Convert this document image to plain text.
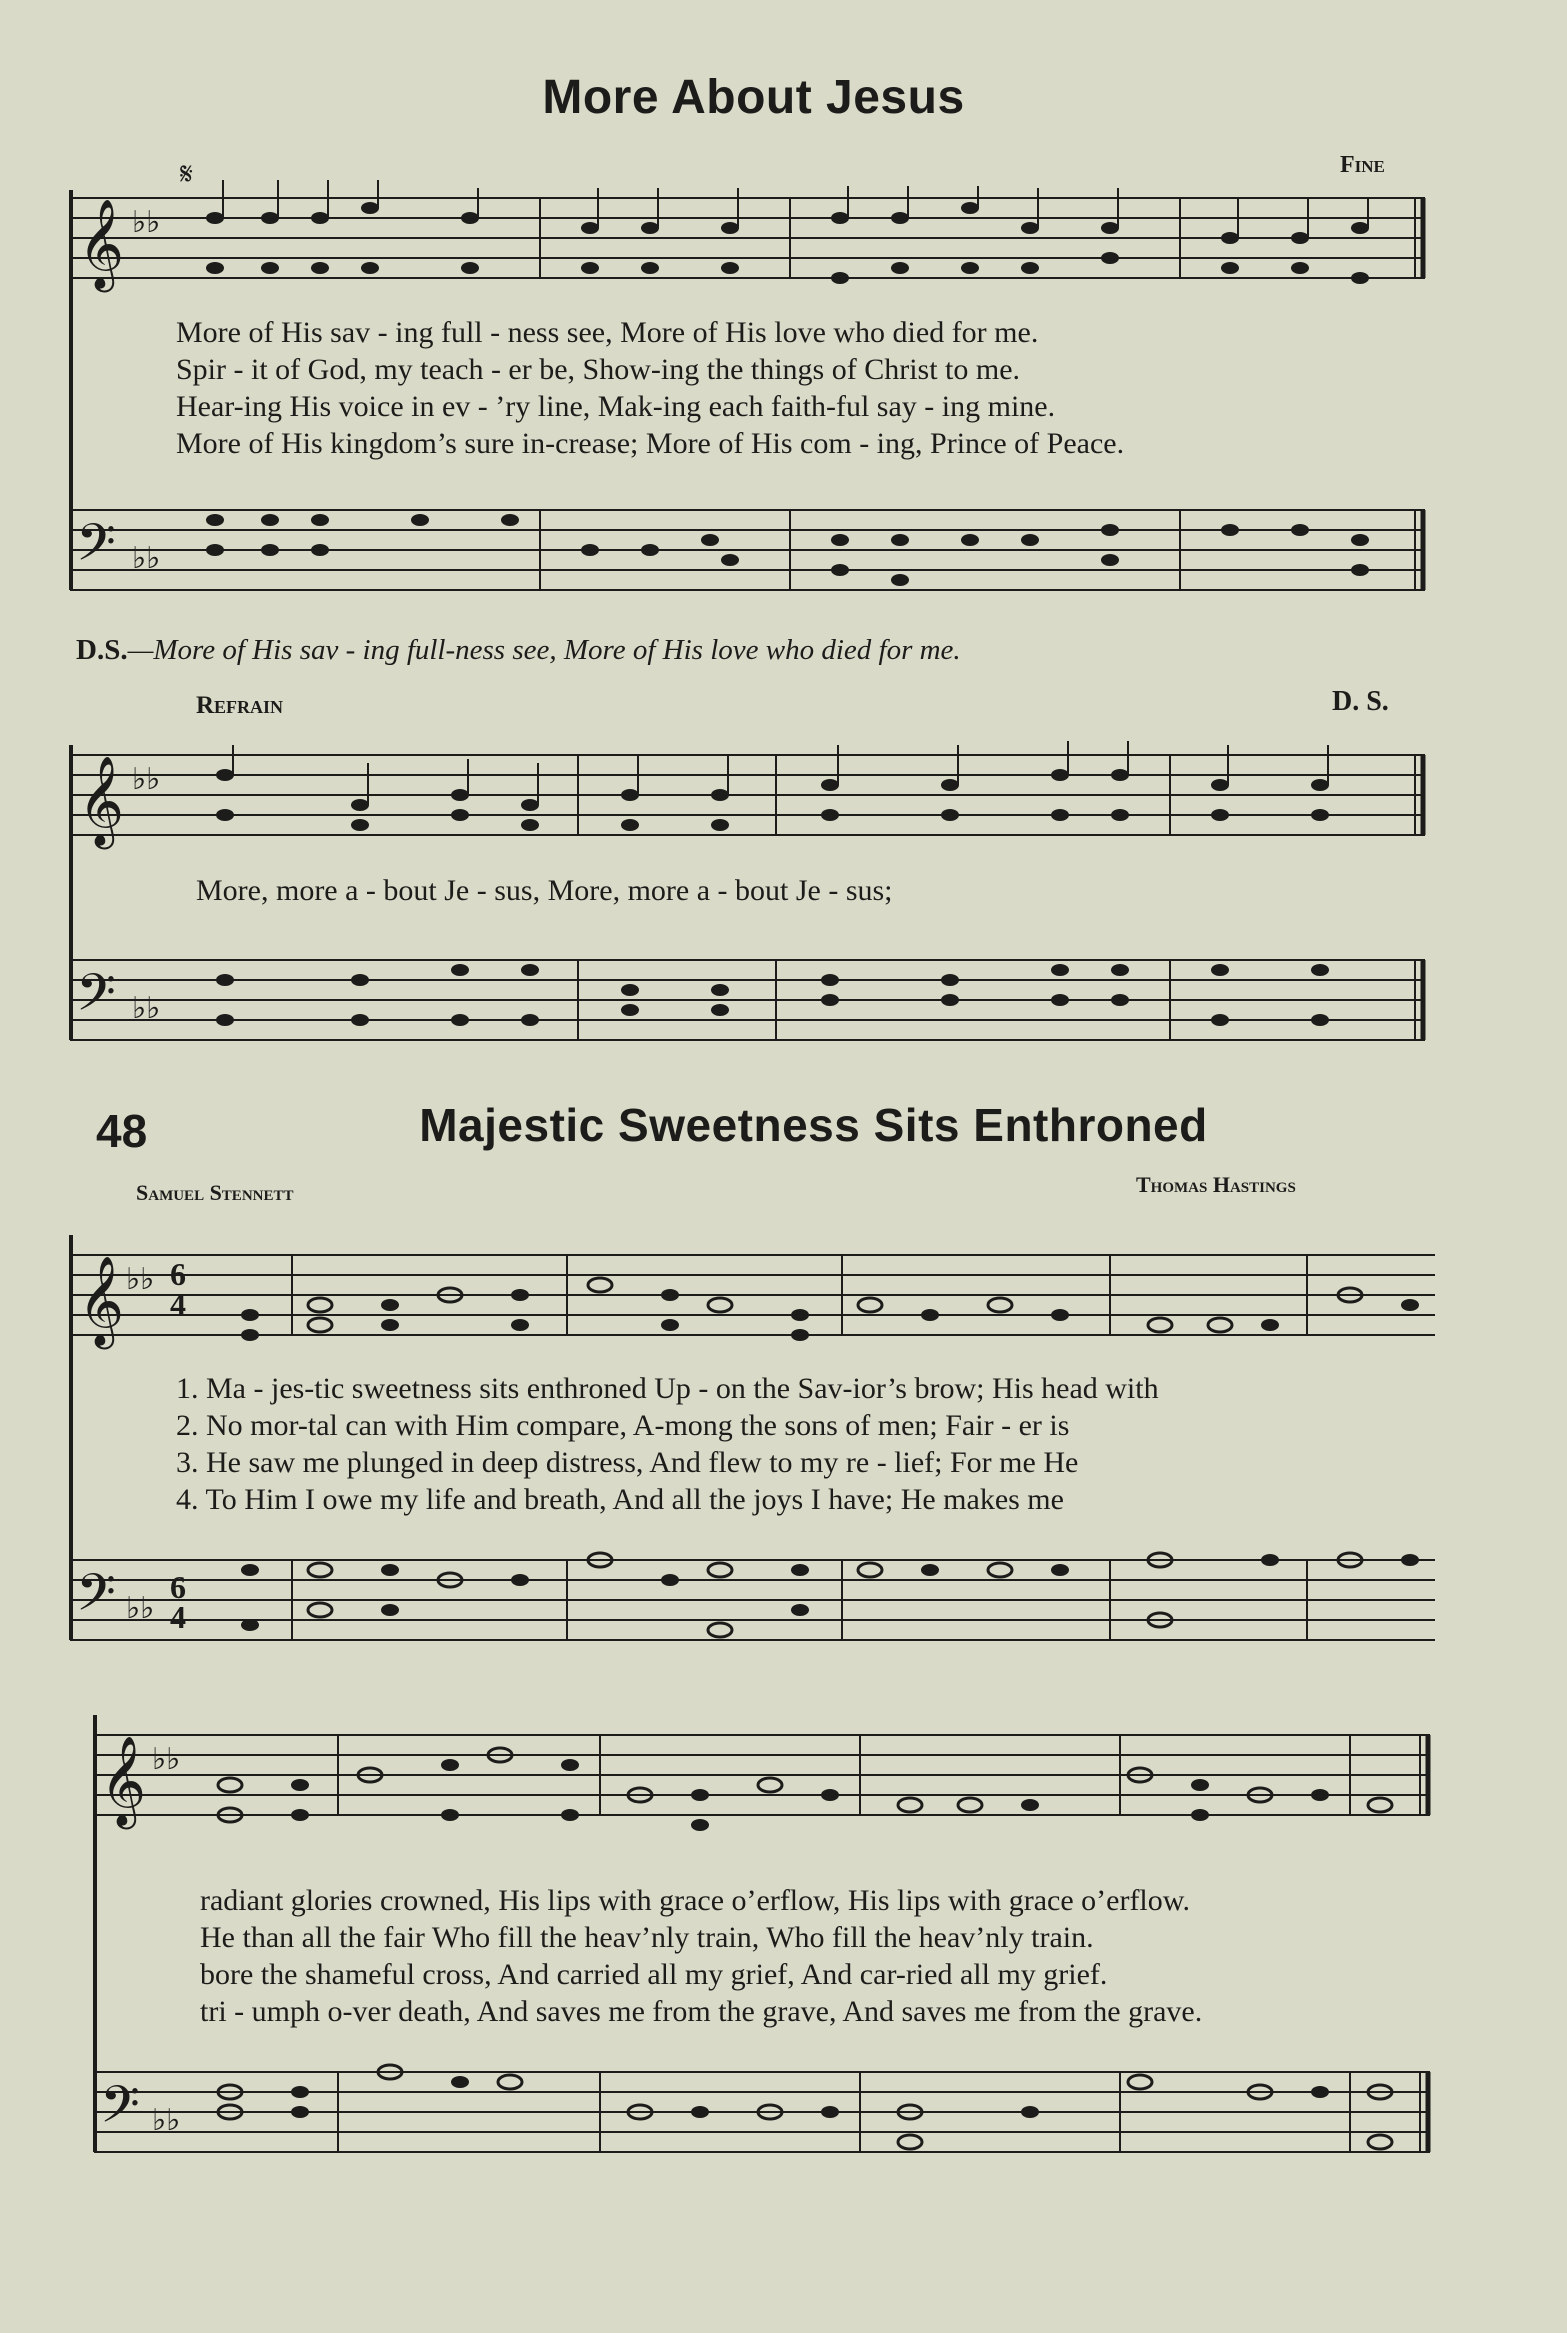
More About Jesus
Fine
𝄞 ♭♭
𝄋
More of His sav - ing full - ness see, More of His love who died for me.
Spir - it of God, my teach - er be, Show-ing the things of Christ to me.
Hear-ing His voice in ev - ’ry line, Mak-ing each faith-ful say - ing mine.
More of His kingdom’s sure in-crease; More of His com - ing, Prince of Peace.
𝄢 ♭♭
D.S.—More of His sav - ing full-ness see, More of His love who died for me.
Refrain	D. S.
𝄞 ♭♭
More, more a - bout Je - sus, More, more a - bout Je - sus;
𝄢 ♭♭
48	Majestic Sweetness Sits Enthroned
Samuel Stennett	Thomas Hastings
𝄞 ♭♭ 6
4
1. Ma - jes-tic sweetness sits enthroned Up - on the Sav-ior’s brow; His head with
2. No mor-tal can with Him compare, A-mong the sons of men; Fair - er is
3. He saw me plunged in deep distress, And flew to my re - lief; For me He
4. To Him I owe my life and breath, And all the joys I have; He makes me
𝄢 ♭♭
6
4
𝄞 ♭♭
radiant glories crowned, His lips with grace o’erflow, His lips with grace o’erflow.
He than all the fair Who fill the heav’nly train, Who fill the heav’nly train.
bore the shameful cross, And carried all my grief, And car-ried all my grief.
tri - umph o-ver death, And saves me from the grave, And saves me from the grave.
𝄢 ♭♭
